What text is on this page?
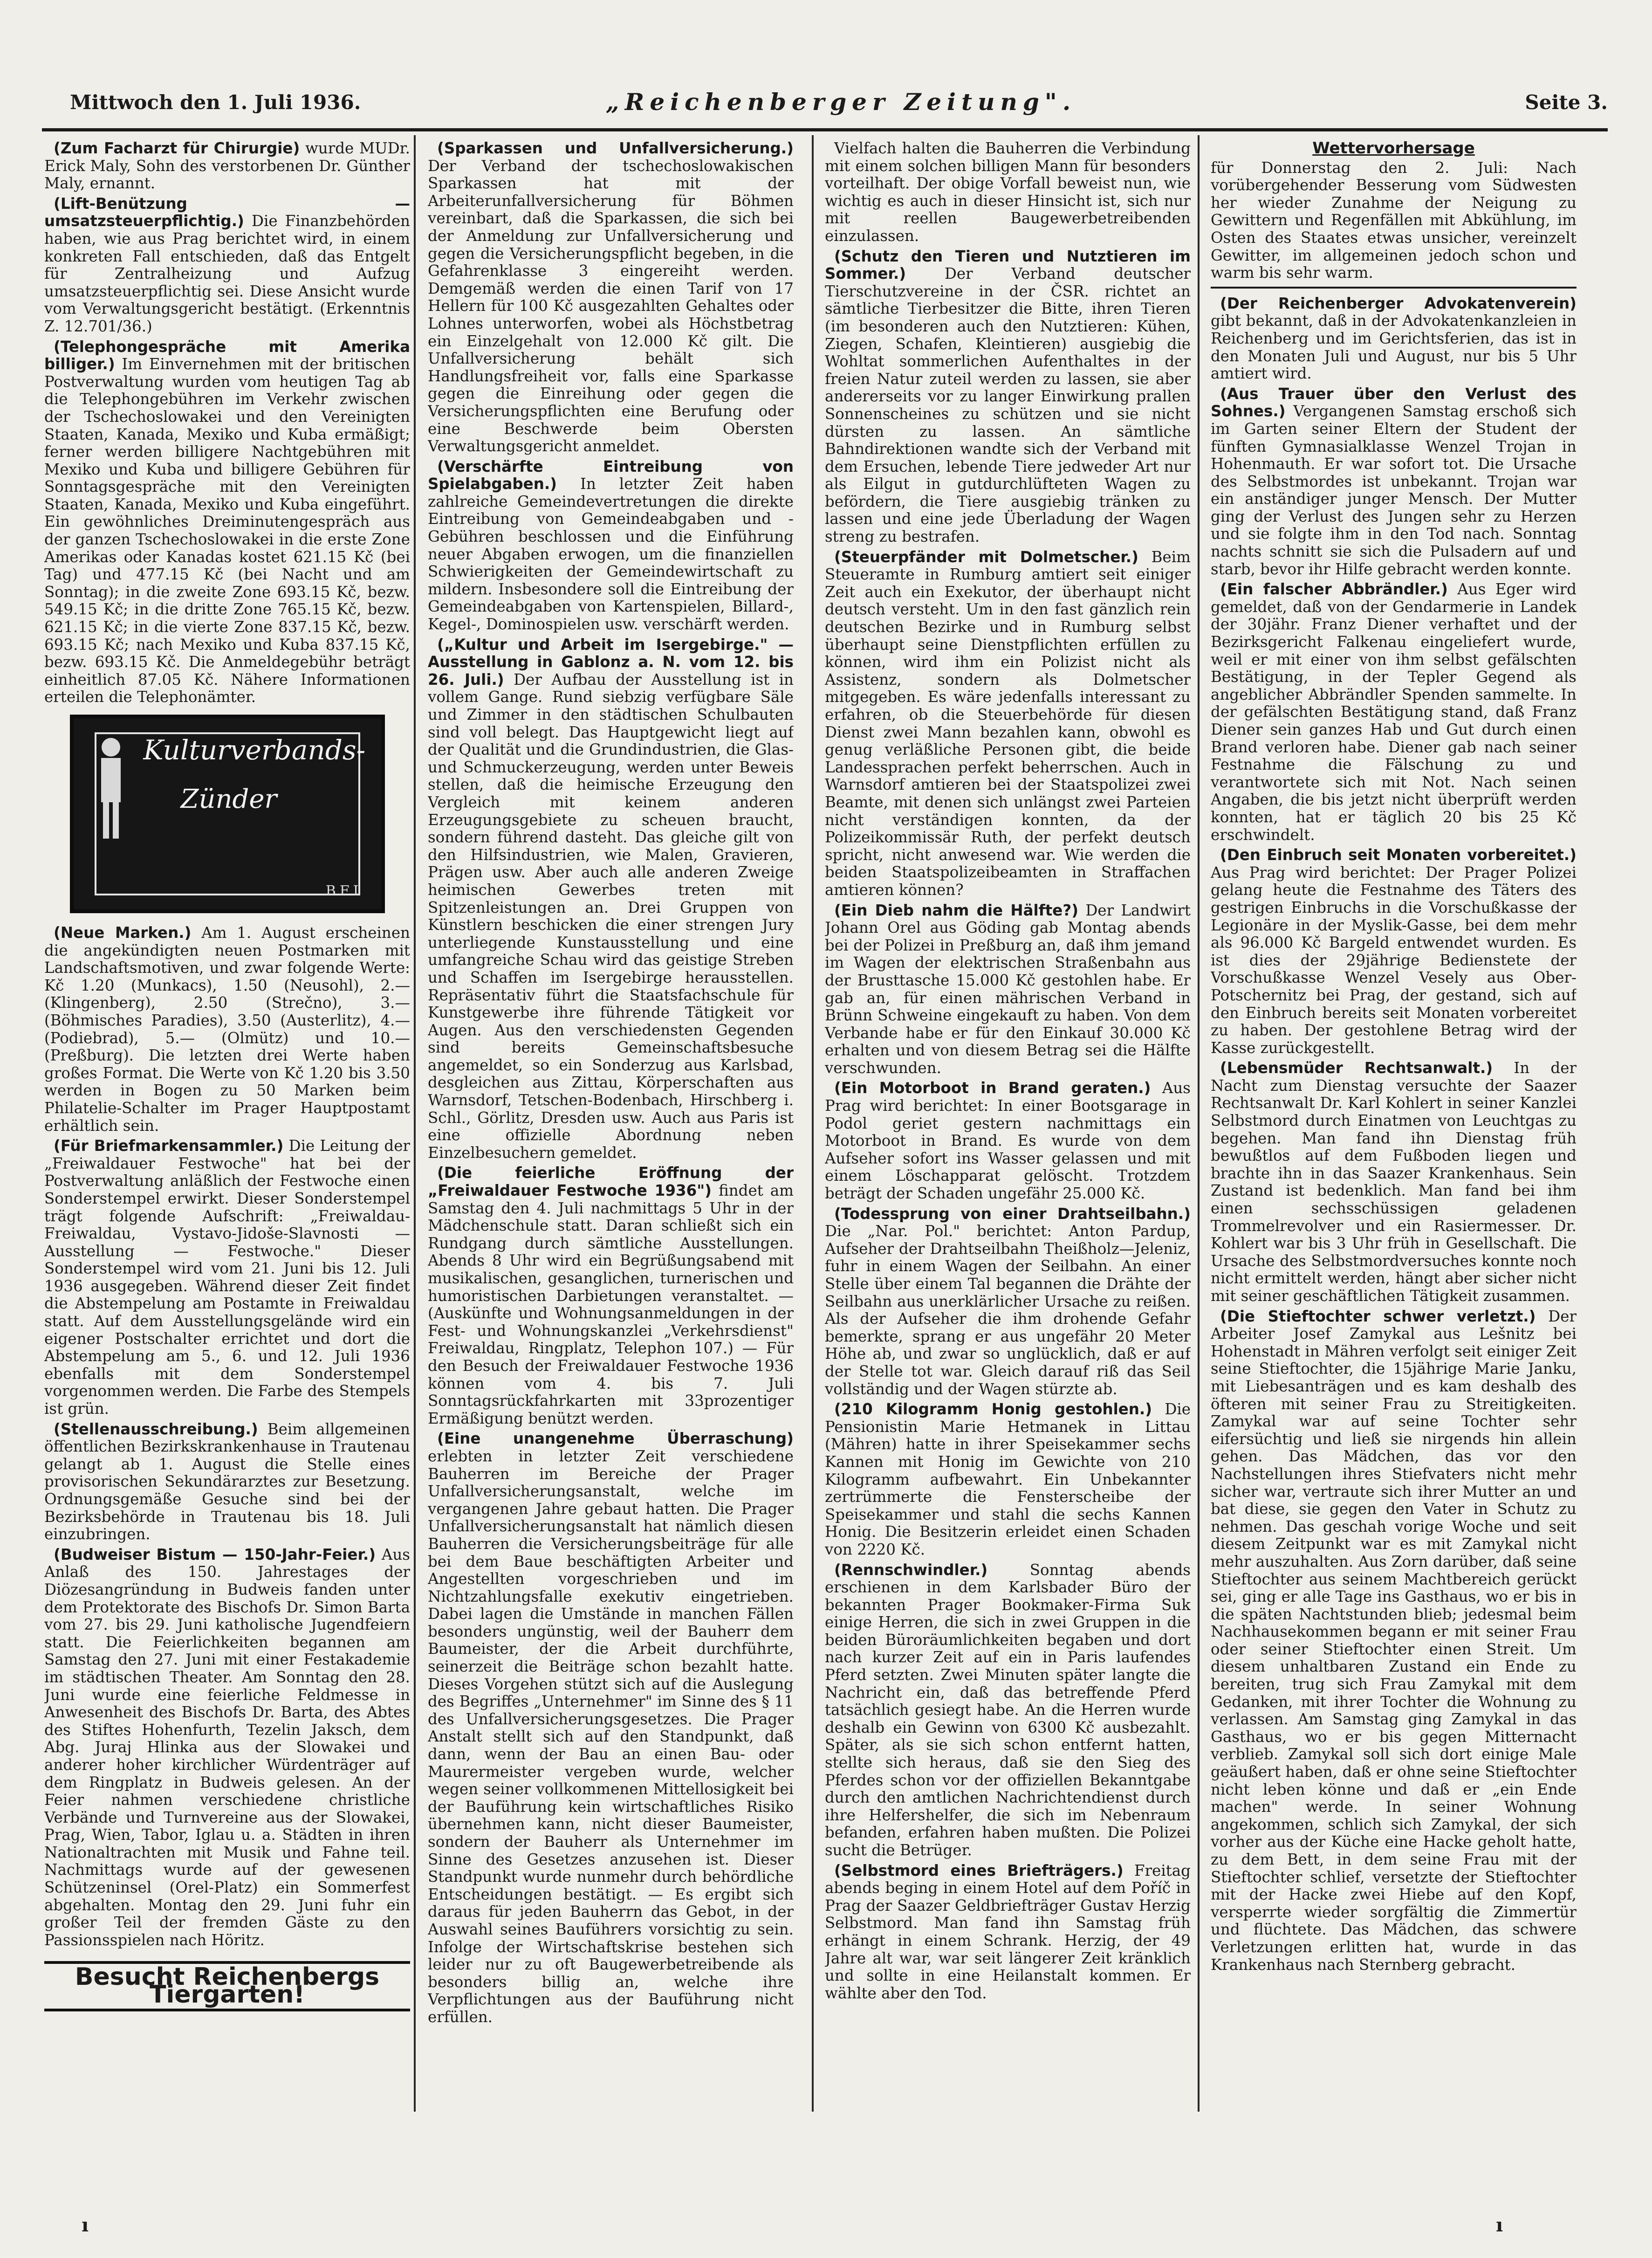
Mittwoch den 1. Juli 1936.	„Reichenberger Zeitung".	Seite 3.

(Zum Facharzt für Chirurgie) wurde MUDr. Erick Maly, Sohn des verstorbenen Dr. Günther Maly, ernannt.

(Lift-Benützung — umsatzsteuerpflichtig.) Die Finanzbehörden haben, wie aus Prag berichtet wird, in einem konkreten Fall entschieden, daß das Entgelt für Zentralheizung und Aufzug umsatzsteuerpflichtig sei. Diese Ansicht wurde vom Verwaltungsgericht bestätigt. (Erkenntnis Z. 12.701/36.)

(Telephongespräche mit Amerika billiger.) Im Einvernehmen mit der britischen Postverwaltung wurden vom heutigen Tag ab die Telephongebühren im Verkehr zwischen der Tschechoslowakei und den Vereinigten Staaten, Kanada, Mexiko und Kuba ermäßigt; ferner werden billigere Nachtgebühren mit Mexiko und Kuba und billigere Gebühren für Sonntagsgespräche mit den Vereinigten Staaten, Kanada, Mexiko und Kuba eingeführt. Ein gewöhnliches Dreiminutengespräch aus der ganzen Tschechoslowakei in die erste Zone Amerikas oder Kanadas kostet 621.15 Kč (bei Tag) und 477.15 Kč (bei Nacht und am Sonntag); in die zweite Zone 693.15 Kč, bezw. 549.15 Kč; in die dritte Zone 765.15 Kč, bezw. 621.15 Kč; in die vierte Zone 837.15 Kč, bezw. 693.15 Kč; nach Mexiko und Kuba 837.15 Kč, bezw. 693.15 Kč. Die Anmeldegebühr beträgt einheitlich 87.05 Kč. Nähere Informationen erteilen die Telephonämter.

Kulturverbands-
Zünder
BFI

(Neue Marken.) Am 1. August erscheinen die angekündigten neuen Postmarken mit Landschaftsmotiven, und zwar folgende Werte: Kč 1.20 (Munkacs), 1.50 (Neusohl), 2.— (Klingenberg), 2.50 (Strečno), 3.— (Böhmisches Paradies), 3.50 (Austerlitz), 4.— (Podiebrad), 5.— (Olmütz) und 10.— (Preßburg). Die letzten drei Werte haben großes Format. Die Werte von Kč 1.20 bis 3.50 werden in Bogen zu 50 Marken beim Philatelie-Schalter im Prager Hauptpostamt erhältlich sein.

(Für Briefmarkensammler.) Die Leitung der „Freiwaldauer Festwoche" hat bei der Postverwaltung anläßlich der Festwoche einen Sonderstempel erwirkt. Dieser Sonderstempel trägt folgende Aufschrift: „Freiwaldau-Freiwaldau, Vystavo-Jidoše-Slavnosti — Ausstellung — Festwoche." Dieser Sonderstempel wird vom 21. Juni bis 12. Juli 1936 ausgegeben. Während dieser Zeit findet die Abstempelung am Postamte in Freiwaldau statt. Auf dem Ausstellungsgelände wird ein eigener Postschalter errichtet und dort die Abstempelung am 5., 6. und 12. Juli 1936 ebenfalls mit dem Sonderstempel vorgenommen werden. Die Farbe des Stempels ist grün.

(Stellenausschreibung.) Beim allgemeinen öffentlichen Bezirkskrankenhause in Trautenau gelangt ab 1. August die Stelle eines provisorischen Sekundärarztes zur Besetzung. Ordnungsgemäße Gesuche sind bei der Bezirksbehörde in Trautenau bis 18. Juli einzubringen.

(Budweiser Bistum — 150-Jahr-Feier.) Aus Anlaß des 150. Jahrestages der Diözesangründung in Budweis fanden unter dem Protektorate des Bischofs Dr. Simon Barta vom 27. bis 29. Juni katholische Jugendfeiern statt. Die Feierlichkeiten begannen am Samstag den 27. Juni mit einer Festakademie im städtischen Theater. Am Sonntag den 28. Juni wurde eine feierliche Feldmesse in Anwesenheit des Bischofs Dr. Barta, des Abtes des Stiftes Hohenfurth, Tezelin Jaksch, dem Abg. Juraj Hlinka aus der Slowakei und anderer hoher kirchlicher Würdenträger auf dem Ringplatz in Budweis gelesen. An der Feier nahmen verschiedene christliche Verbände und Turnvereine aus der Slowakei, Prag, Wien, Tabor, Iglau u. a. Städten in ihren Nationaltrachten mit Musik und Fahne teil. Nachmittags wurde auf der gewesenen Schützeninsel (Orel-Platz) ein Sommerfest abgehalten. Montag den 29. Juni fuhr ein großer Teil der fremden Gäste zu den Passionsspielen nach Höritz.

Besucht Reichenbergs Tiergarten!

(Sparkassen und Unfallversicherung.) Der Verband der tschechoslowakischen Sparkassen hat mit der Arbeiterunfallversicherung für Böhmen vereinbart, daß die Sparkassen, die sich bei der Anmeldung zur Unfallversicherung und gegen die Versicherungspflicht begeben, in die Gefahrenklasse 3 eingereiht werden. Demgemäß werden die einen Tarif von 17 Hellern für 100 Kč ausgezahlten Gehaltes oder Lohnes unterworfen, wobei als Höchstbetrag ein Einzelgehalt von 12.000 Kč gilt. Die Unfallversicherung behält sich Handlungsfreiheit vor, falls eine Sparkasse gegen die Einreihung oder gegen die Versicherungspflichten eine Berufung oder eine Beschwerde beim Obersten Verwaltungsgericht anmeldet.

(Verschärfte Eintreibung von Spielabgaben.) In letzter Zeit haben zahlreiche Gemeindevertretungen die direkte Eintreibung von Gemeindeabgaben und -Gebühren beschlossen und die Einführung neuer Abgaben erwogen, um die finanziellen Schwierigkeiten der Gemeindewirtschaft zu mildern. Insbesondere soll die Eintreibung der Gemeindeabgaben von Kartenspielen, Billard-, Kegel-, Dominospielen usw. verschärft werden.

(„Kultur und Arbeit im Isergebirge." — Ausstellung in Gablonz a. N. vom 12. bis 26. Juli.) Der Aufbau der Ausstellung ist in vollem Gange. Rund siebzig verfügbare Säle und Zimmer in den städtischen Schulbauten sind voll belegt. Das Hauptgewicht liegt auf der Qualität und die Grundindustrien, die Glas- und Schmuckerzeugung, werden unter Beweis stellen, daß die heimische Erzeugung den Vergleich mit keinem anderen Erzeugungsgebiete zu scheuen braucht, sondern führend dasteht. Das gleiche gilt von den Hilfsindustrien, wie Malen, Gravieren, Prägen usw. Aber auch alle anderen Zweige heimischen Gewerbes treten mit Spitzenleistungen an. Drei Gruppen von Künstlern beschicken die einer strengen Jury unterliegende Kunstausstellung und eine umfangreiche Schau wird das geistige Streben und Schaffen im Isergebirge herausstellen. Repräsentativ führt die Staatsfachschule für Kunstgewerbe ihre führende Tätigkeit vor Augen. Aus den verschiedensten Gegenden sind bereits Gemeinschaftsbesuche angemeldet, so ein Sonderzug aus Karlsbad, desgleichen aus Zittau, Körperschaften aus Warnsdorf, Tetschen-Bodenbach, Hirschberg i. Schl., Görlitz, Dresden usw. Auch aus Paris ist eine offizielle Abordnung neben Einzelbesuchern gemeldet.

(Die feierliche Eröffnung der „Freiwaldauer Festwoche 1936") findet am Samstag den 4. Juli nachmittags 5 Uhr in der Mädchenschule statt. Daran schließt sich ein Rundgang durch sämtliche Ausstellungen. Abends 8 Uhr wird ein Begrüßungsabend mit musikalischen, gesanglichen, turnerischen und humoristischen Darbietungen veranstaltet. — (Auskünfte und Wohnungsanmeldungen in der Fest- und Wohnungskanzlei „Verkehrsdienst" Freiwaldau, Ringplatz, Telephon 107.) — Für den Besuch der Freiwaldauer Festwoche 1936 können vom 4. bis 7. Juli Sonntagsrückfahrkarten mit 33prozentiger Ermäßigung benützt werden.

(Eine unangenehme Überraschung) erlebten in letzter Zeit verschiedene Bauherren im Bereiche der Prager Unfallversicherungsanstalt, welche im vergangenen Jahre gebaut hatten. Die Prager Unfallversicherungsanstalt hat nämlich diesen Bauherren die Versicherungsbeiträge für alle bei dem Baue beschäftigten Arbeiter und Angestellten vorgeschrieben und im Nichtzahlungsfalle exekutiv eingetrieben. Dabei lagen die Umstände in manchen Fällen besonders ungünstig, weil der Bauherr dem Baumeister, der die Arbeit durchführte, seinerzeit die Beiträge schon bezahlt hatte. Dieses Vorgehen stützt sich auf die Auslegung des Begriffes „Unternehmer" im Sinne des § 11 des Unfallversicherungsgesetzes. Die Prager Anstalt stellt sich auf den Standpunkt, daß dann, wenn der Bau an einen Bau- oder Maurermeister vergeben wurde, welcher wegen seiner vollkommenen Mittellosigkeit bei der Bauführung kein wirtschaftliches Risiko übernehmen kann, nicht dieser Baumeister, sondern der Bauherr als Unternehmer im Sinne des Gesetzes anzusehen ist. Dieser Standpunkt wurde nunmehr durch behördliche Entscheidungen bestätigt. — Es ergibt sich daraus für jeden Bauherrn das Gebot, in der Auswahl seines Bauführers vorsichtig zu sein. Infolge der Wirtschaftskrise bestehen sich leider nur zu oft Baugewerbetreibende als besonders billig an, welche ihre Verpflichtungen aus der Bauführung nicht erfüllen.

Vielfach halten die Bauherren die Verbindung mit einem solchen billigen Mann für besonders vorteilhaft. Der obige Vorfall beweist nun, wie wichtig es auch in dieser Hinsicht ist, sich nur mit reellen Baugewerbetreibenden einzulassen.

(Schutz den Tieren und Nutztieren im Sommer.)	Der Verband deutscher Tierschutzvereine in der ČSR. richtet an sämtliche Tierbesitzer die Bitte, ihren Tieren (im besonderen auch den Nutztieren: Kühen, Ziegen, Schafen, Kleintieren) ausgiebig die Wohltat sommerlichen Aufenthaltes in der freien Natur zuteil werden zu lassen, sie aber andererseits vor zu langer Einwirkung prallen Sonnenscheines zu schützen und sie nicht dürsten zu lassen. An sämtliche Bahndirektionen wandte sich der Verband mit dem Ersuchen, lebende Tiere jedweder Art nur als Eilgut in gutdurchlüfteten Wagen zu befördern, die Tiere ausgiebig tränken zu lassen und eine jede Überladung der Wagen streng zu bestrafen.

(Steuerpfänder mit Dolmetscher.) Beim Steueramte in Rumburg amtiert seit einiger Zeit auch ein Exekutor, der überhaupt nicht deutsch versteht. Um in den fast gänzlich rein deutschen Bezirke und in Rumburg selbst überhaupt seine Dienstpflichten erfüllen zu können, wird ihm ein Polizist nicht als Assistenz, sondern als Dolmetscher mitgegeben. Es wäre jedenfalls interessant zu erfahren, ob die Steuerbehörde für diesen Dienst zwei Mann bezahlen kann, obwohl es genug verläßliche Personen gibt, die beide Landessprachen perfekt beherrschen. Auch in Warnsdorf amtieren bei der Staatspolizei zwei Beamte, mit denen sich unlängst zwei Parteien nicht verständigen konnten, da der Polizeikommissär Ruth, der perfekt deutsch spricht, nicht anwesend war. Wie werden die beiden Staatspolizeibeamten in Straffachen amtieren können?

(Ein Dieb nahm die Hälfte?) Der Landwirt Johann Orel aus Göding gab Montag abends bei der Polizei in Preßburg an, daß ihm jemand im Wagen der elektrischen Straßenbahn aus der Brusttasche 15.000 Kč gestohlen habe. Er gab an, für einen mährischen Verband in Brünn Schweine eingekauft zu haben. Von dem Verbande habe er für den Einkauf 30.000 Kč erhalten und von diesem Betrag sei die Hälfte verschwunden.

(Ein Motorboot in Brand geraten.) Aus Prag wird berichtet: In einer Bootsgarage in Podol geriet gestern nachmittags ein Motorboot in Brand. Es wurde von dem Aufseher sofort ins Wasser gelassen und mit einem Löschapparat gelöscht. Trotzdem beträgt der Schaden ungefähr 25.000 Kč.

(Todessprung von einer Drahtseilbahn.) Die „Nar. Pol." berichtet: Anton Pardup, Aufseher der Drahtseilbahn Theißholz—Jeleniz, fuhr in einem Wagen der Seilbahn. An einer Stelle über einem Tal begannen die Drähte der Seilbahn aus unerklärlicher Ursache zu reißen. Als der Aufseher die ihm drohende Gefahr bemerkte, sprang er aus ungefähr 20 Meter Höhe ab, und zwar so unglücklich, daß er auf der Stelle tot war. Gleich darauf riß das Seil vollständig und der Wagen stürzte ab.

(210 Kilogramm Honig gestohlen.) Die Pensionistin Marie Hetmanek in Littau (Mähren) hatte in ihrer Speisekammer sechs Kannen mit Honig im Gewichte von 210 Kilogramm aufbewahrt. Ein Unbekannter zertrümmerte die Fensterscheibe der Speisekammer und stahl die sechs Kannen Honig. Die Besitzerin erleidet einen Schaden von 2220 Kč.

(Rennschwindler.)	Sonntag abends erschienen in dem Karlsbader Büro der bekannten Prager Bookmaker-Firma Suk einige Herren, die sich in zwei Gruppen in die beiden Büroräumlichkeiten begaben und dort nach kurzer Zeit auf ein in Paris laufendes Pferd setzten. Zwei Minuten später langte die Nachricht ein, daß das betreffende Pferd tatsächlich gesiegt habe. An die Herren wurde deshalb ein Gewinn von 6300 Kč ausbezahlt. Später, als sie sich schon entfernt hatten, stellte sich heraus, daß sie den Sieg des Pferdes schon vor der offiziellen Bekanntgabe durch den amtlichen Nachrichtendienst durch ihre Helfershelfer, die sich im Nebenraum befanden, erfahren haben mußten. Die Polizei sucht die Betrüger.

(Selbstmord eines Briefträgers.) Freitag abends beging in einem Hotel auf dem Poříč in Prag der Saazer Geldbriefträger Gustav Herzig Selbstmord. Man fand ihn Samstag früh erhängt in einem Schrank. Herzig, der 49 Jahre alt war, war seit längerer Zeit kränklich und sollte in eine Heilanstalt kommen. Er wählte aber den Tod.

Wettervorhersage

für Donnerstag den 2. Juli: Nach vorübergehender Besserung vom Südwesten her wieder Zunahme der Neigung zu Gewittern und Regenfällen mit Abkühlung, im Osten des Staates etwas unsicher, vereinzelt Gewitter, im allgemeinen jedoch schon und warm bis sehr warm.

(Der Reichenberger Advokatenverein) gibt bekannt, daß in der Advokatenkanzleien in Reichenberg und im Gerichtsferien, das ist in den Monaten Juli und August, nur bis 5 Uhr amtiert wird.

(Aus Trauer über den Verlust des Sohnes.) Vergangenen Samstag erschoß sich im Garten seiner Eltern der Student der fünften Gymnasialklasse Wenzel Trojan in Hohenmauth. Er war sofort tot. Die Ursache des Selbstmordes ist unbekannt. Trojan war ein anständiger junger Mensch. Der Mutter ging der Verlust des Jungen sehr zu Herzen und sie folgte ihm in den Tod nach. Sonntag nachts schnitt sie sich die Pulsadern auf und starb, bevor ihr Hilfe gebracht werden konnte.

(Ein falscher Abbrändler.) Aus Eger wird gemeldet, daß von der Gendarmerie in Landek der 30jähr. Franz Diener verhaftet und der Bezirksgericht Falkenau eingeliefert wurde, weil er mit einer von ihm selbst gefälschten Bestätigung, in der Tepler Gegend als angeblicher Abbrändler Spenden sammelte. In der gefälschten Bestätigung stand, daß Franz Diener sein ganzes Hab und Gut durch einen Brand verloren habe. Diener gab nach seiner Festnahme die Fälschung zu und verantwortete sich mit Not. Nach seinen Angaben, die bis jetzt nicht überprüft werden konnten, hat er täglich 20 bis 25 Kč erschwindelt.

(Den Einbruch seit Monaten vorbereitet.) Aus Prag wird berichtet: Der Prager Polizei gelang heute die Festnahme des Täters des gestrigen Einbruchs in die Vorschußkasse der Legionäre in der Myslik-Gasse, bei dem mehr als 96.000 Kč Bargeld entwendet wurden. Es ist dies der 29jährige Bedienstete der Vorschußkasse Wenzel Vesely aus Ober-Potschernitz bei Prag, der gestand, sich auf den Einbruch bereits seit Monaten vorbereitet zu haben. Der gestohlene Betrag wird der Kasse zurückgestellt.

(Lebensmüder Rechtsanwalt.) In der Nacht zum Dienstag versuchte der Saazer Rechtsanwalt Dr. Karl Kohlert in seiner Kanzlei Selbstmord durch Einatmen von Leuchtgas zu begehen. Man fand ihn Dienstag früh bewußtlos auf dem Fußboden liegen und brachte ihn in das Saazer Krankenhaus. Sein Zustand ist bedenklich. Man fand bei ihm einen sechsschüssigen geladenen Trommelrevolver und ein Rasiermesser. Dr. Kohlert war bis 3 Uhr früh in Gesellschaft. Die Ursache des Selbstmordversuches konnte noch nicht ermittelt werden, hängt aber sicher nicht mit seiner geschäftlichen Tätigkeit zusammen.

(Die Stieftochter schwer verletzt.) Der Arbeiter Josef Zamykal aus Lešnitz bei Hohenstadt in Mähren verfolgt seit einiger Zeit seine Stieftochter, die 15jährige Marie Janku, mit Liebesanträgen und es kam deshalb des öfteren mit seiner Frau zu Streitigkeiten. Zamykal war auf seine Tochter sehr eifersüchtig und ließ sie nirgends hin allein gehen. Das Mädchen, das vor den Nachstellungen ihres Stiefvaters nicht mehr sicher war, vertraute sich ihrer Mutter an und bat diese, sie gegen den Vater in Schutz zu nehmen. Das geschah vorige Woche und seit diesem Zeitpunkt war es mit Zamykal nicht mehr auszuhalten. Aus Zorn darüber, daß seine Stieftochter aus seinem Machtbereich gerückt sei, ging er alle Tage ins Gasthaus, wo er bis in die späten Nachtstunden blieb; jedesmal beim Nachhausekommen begann er mit seiner Frau oder seiner Stieftochter einen Streit. Um diesem unhaltbaren Zustand ein Ende zu bereiten, trug sich Frau Zamykal mit dem Gedanken, mit ihrer Tochter die Wohnung zu verlassen. Am Samstag ging Zamykal in das Gasthaus, wo er bis gegen Mitternacht verblieb. Zamykal soll sich dort einige Male geäußert haben, daß er ohne seine Stieftochter nicht leben könne und daß er „ein Ende machen" werde. In seiner Wohnung angekommen, schlich sich Zamykal, der sich vorher aus der Küche eine Hacke geholt hatte, zu dem Bett, in dem seine Frau mit der Stieftochter schlief, versetzte der Stieftochter mit der Hacke zwei Hiebe auf den Kopf, versperrte wieder sorgfältig die Zimmertür und flüchtete. Das Mädchen, das schwere Verletzungen erlitten hat, wurde in das Krankenhaus nach Sternberg gebracht.

ı	ı
